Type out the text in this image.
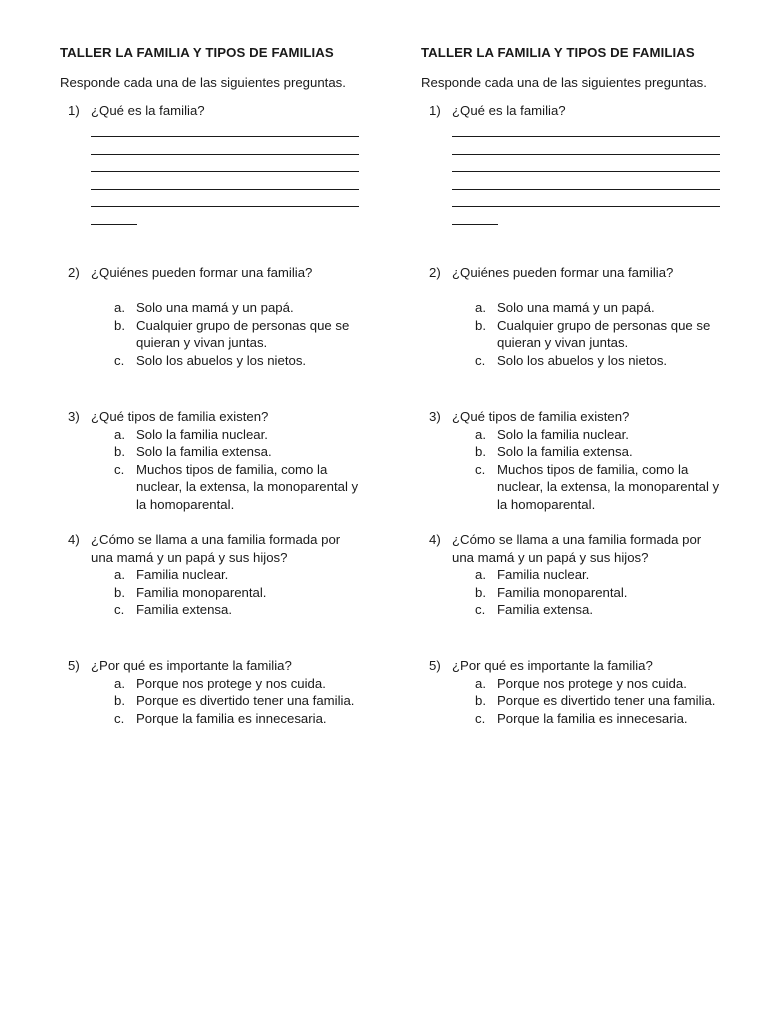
TALLER LA FAMILIA Y TIPOS DE FAMILIAS
Responde cada una de las siguientes preguntas.
1) ¿Qué es la familia?
2) ¿Quiénes pueden formar una familia?
a. Solo una mamá y un papá.
b. Cualquier grupo de personas que se quieran y vivan juntas.
c. Solo los abuelos y los nietos.
3) ¿Qué tipos de familia existen?
a. Solo la familia nuclear.
b. Solo la familia extensa.
c. Muchos tipos de familia, como la nuclear, la extensa, la monoparental y la homoparental.
4) ¿Cómo se llama a una familia formada por una mamá y un papá y sus hijos?
a. Familia nuclear.
b. Familia monoparental.
c. Familia extensa.
5) ¿Por qué es importante la familia?
a. Porque nos protege y nos cuida.
b. Porque es divertido tener una familia.
c. Porque la familia es innecesaria.
TALLER LA FAMILIA Y TIPOS DE FAMILIAS
Responde cada una de las siguientes preguntas.
1) ¿Qué es la familia?
2) ¿Quiénes pueden formar una familia?
a. Solo una mamá y un papá.
b. Cualquier grupo de personas que se quieran y vivan juntas.
c. Solo los abuelos y los nietos.
3) ¿Qué tipos de familia existen?
a. Solo la familia nuclear.
b. Solo la familia extensa.
c. Muchos tipos de familia, como la nuclear, la extensa, la monoparental y la homoparental.
4) ¿Cómo se llama a una familia formada por una mamá y un papá y sus hijos?
a. Familia nuclear.
b. Familia monoparental.
c. Familia extensa.
5) ¿Por qué es importante la familia?
a. Porque nos protege y nos cuida.
b. Porque es divertido tener una familia.
c. Porque la familia es innecesaria.
